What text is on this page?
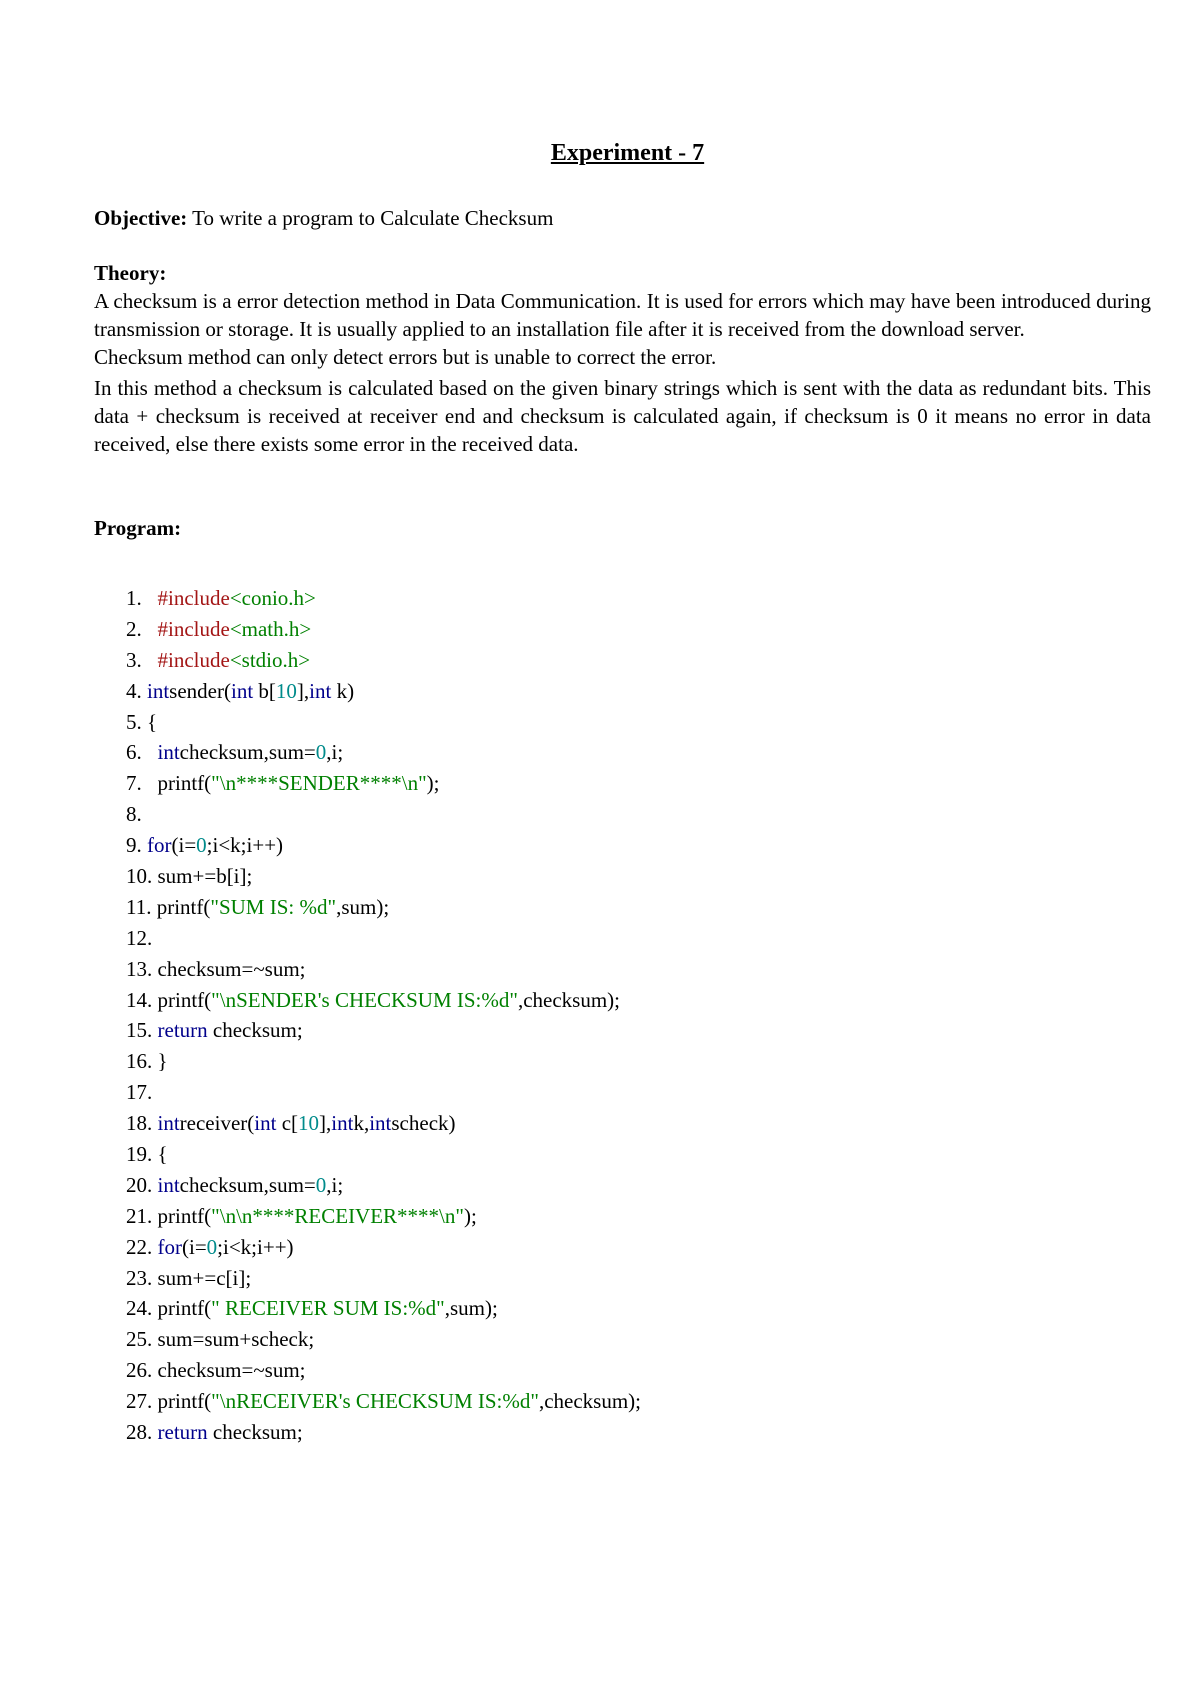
Experiment - 7
Objective: To write a program to Calculate Checksum
Theory:

A checksum is a error detection method in Data Communication. It is used for errors which may have been introduced during transmission or storage. It is usually applied to an installation file after it is received from the download server.

Checksum method can only detect errors but is unable to correct the error.

In this method a checksum is calculated based on the given binary strings which is sent with the data as redundant bits. This data + checksum is received at receiver end and checksum is calculated again, if checksum is 0 it means no error in data received, else there exists some error in the received data.

Program:
1. #include<conio.h>
2. #include<math.h>
3. #include<stdio.h>
4. intsender(int b[10],int k)
5. {
6. intchecksum,sum=0,i;
7.   printf("\n****SENDER****\n");
8.
9. for(i=0;i<k;i++)
10. sum+=b[i];
11. printf("SUM IS: %d",sum);
12.
13. checksum=~sum;
14. printf("\nSENDER's CHECKSUM IS:%d",checksum);
15. return checksum;
16. }
17.
18. intreceiver(int c[10],intk,intscheck)
19. {
20. intchecksum,sum=0,i;
21. printf("\n\n****RECEIVER****\n");
22. for(i=0;i<k;i++)
23. sum+=c[i];
24. printf(" RECEIVER SUM IS:%d",sum);
25. sum=sum+scheck;
26. checksum=~sum;
27. printf("\nRECEIVER's CHECKSUM IS:%d",checksum);
28. return checksum;
